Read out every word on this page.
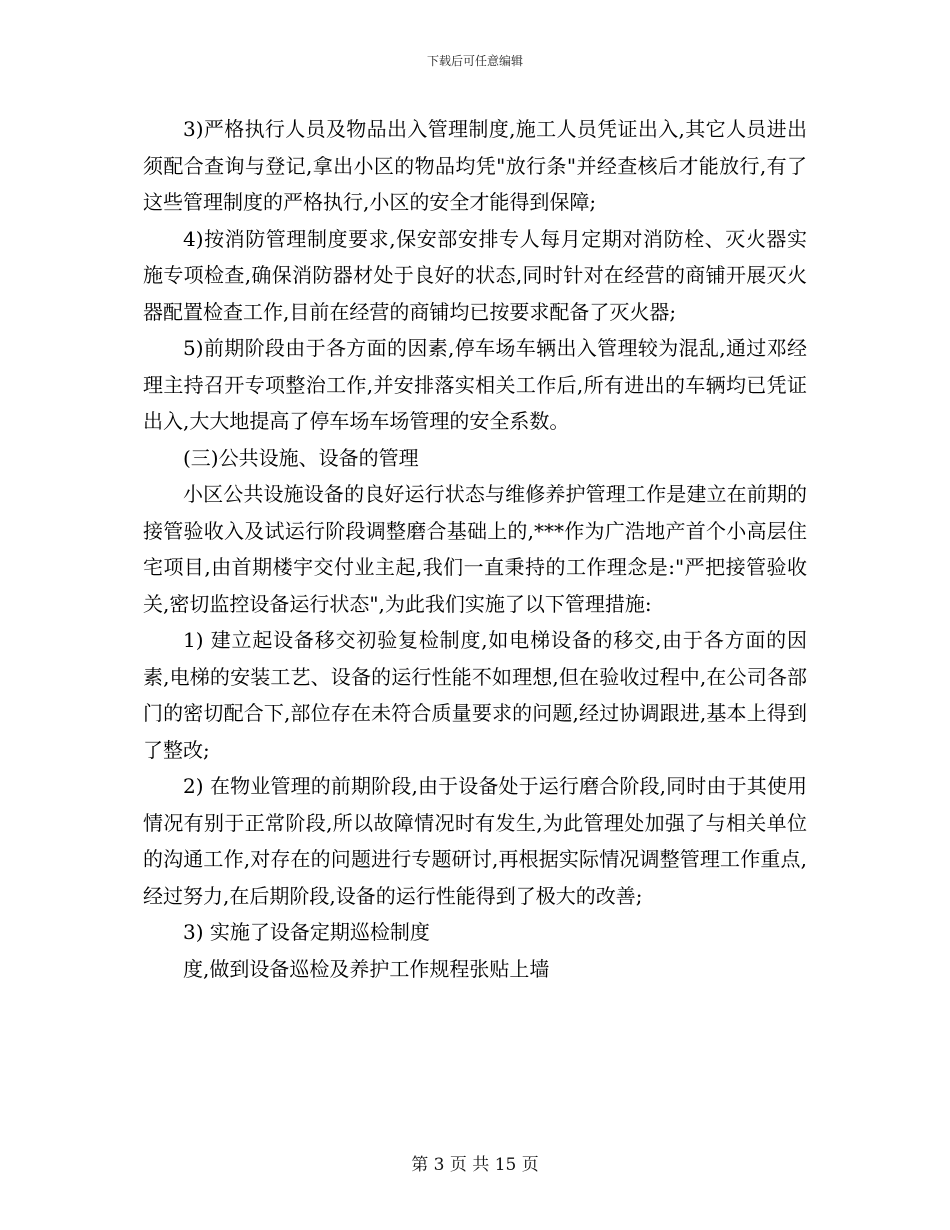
下载后可任意编辑

3)严格执行人员及物品出入管理制度,施工人员凭证出入,其它人员进出须配合查询与登记,拿出小区的物品均凭"放行条"并经查核后才能放行,有了这些管理制度的严格执行,小区的安全才能得到保障;

4)按消防管理制度要求,保安部安排专人每月定期对消防栓、灭火器实施专项检查,确保消防器材处于良好的状态,同时针对在经营的商铺开展灭火器配置检查工作,目前在经营的商铺均已按要求配备了灭火器;

5)前期阶段由于各方面的因素,停车场车辆出入管理较为混乱,通过邓经理主持召开专项整治工作,并安排落实相关工作后,所有进出的车辆均已凭证出入,大大地提高了停车场车场管理的安全系数。

(三)公共设施、设备的管理

小区公共设施设备的良好运行状态与维修养护管理工作是建立在前期的接管验收入及试运行阶段调整磨合基础上的,***作为广浩地产首个小高层住宅项目,由首期楼宇交付业主起,我们一直秉持的工作理念是:"严把接管验收关,密切监控设备运行状态",为此我们实施了以下管理措施:

1) 建立起设备移交初验复检制度,如电梯设备的移交,由于各方面的因素,电梯的安装工艺、设备的运行性能不如理想,但在验收过程中,在公司各部门的密切配合下,部位存在未符合质量要求的问题,经过协调跟进,基本上得到了整改;

2) 在物业管理的前期阶段,由于设备处于运行磨合阶段,同时由于其使用情况有别于正常阶段,所以故障情况时有发生,为此管理处加强了与相关单位的沟通工作,对存在的问题进行专题研讨,再根据实际情况调整管理工作重点,经过努力,在后期阶段,设备的运行性能得到了极大的改善;

3) 实施了设备定期巡检制度

度,做到设备巡检及养护工作规程张贴上墙

第 3 页 共 15 页
